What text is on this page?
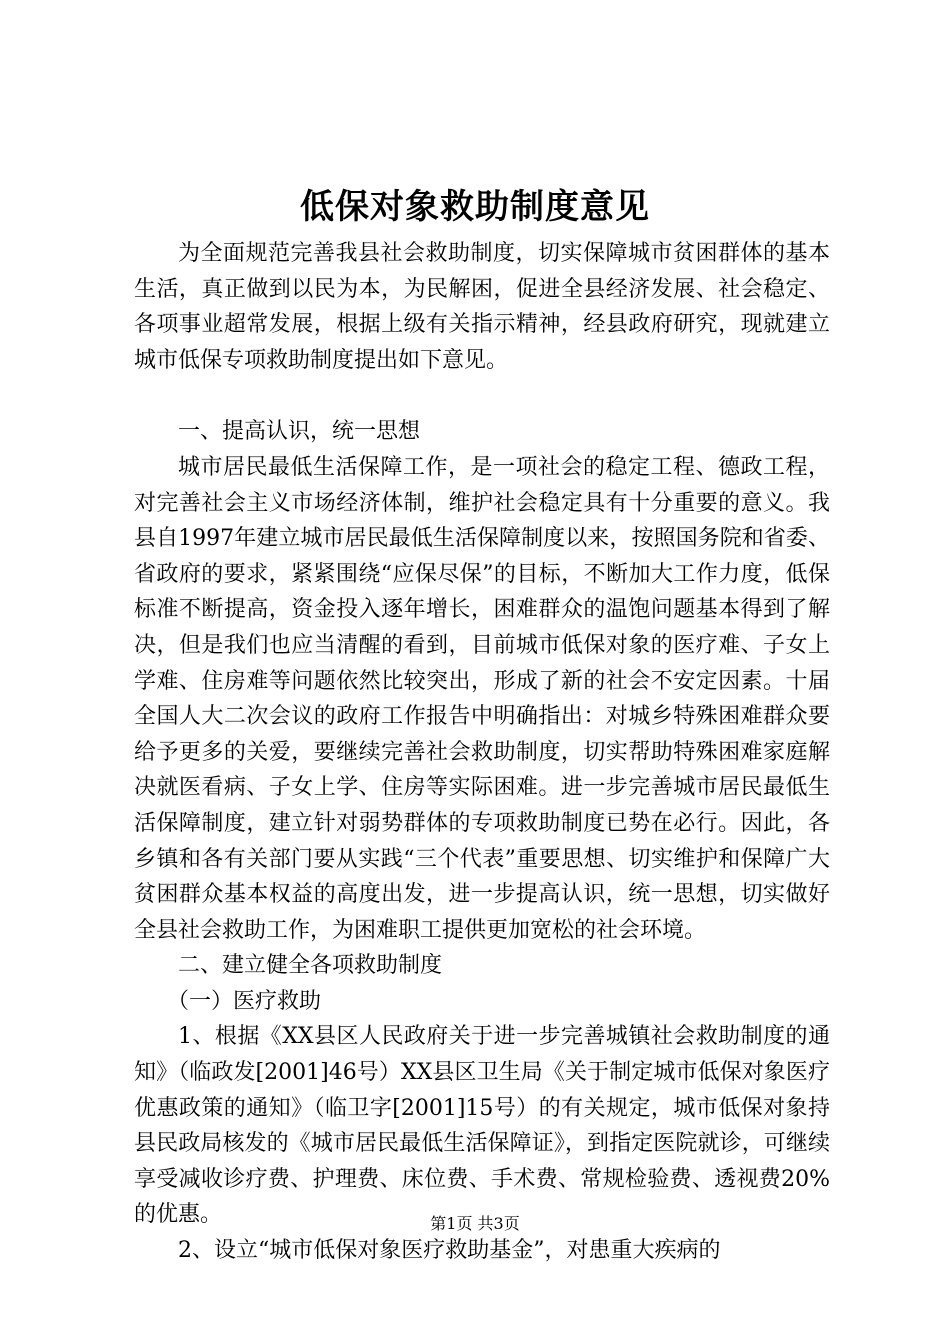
低保对象救助制度意见

为全面规范完善我县社会救助制度，切实保障城市贫困群体的基本生活，真正做到以民为本，为民解困，促进全县经济发展、社会稳定、各项事业超常发展，根据上级有关指示精神，经县政府研究，现就建立城市低保专项救助制度提出如下意见。

一、提高认识，统一思想

城市居民最低生活保障工作，是一项社会的稳定工程、德政工程，对完善社会主义市场经济体制，维护社会稳定具有十分重要的意义。我县自1997年建立城市居民最低生活保障制度以来，按照国务院和省委、省政府的要求，紧紧围绕“应保尽保”的目标，不断加大工作力度，低保标准不断提高，资金投入逐年增长，困难群众的温饱问题基本得到了解决，但是我们也应当清醒的看到，目前城市低保对象的医疗难、子女上学难、住房难等问题依然比较突出，形成了新的社会不安定因素。十届全国人大二次会议的政府工作报告中明确指出：对城乡特殊困难群众要给予更多的关爱，要继续完善社会救助制度，切实帮助特殊困难家庭解决就医看病、子女上学、住房等实际困难。进一步完善城市居民最低生活保障制度，建立针对弱势群体的专项救助制度已势在必行。因此，各乡镇和各有关部门要从实践“三个代表”重要思想、切实维护和保障广大贫困群众基本权益的高度出发，进一步提高认识，统一思想，切实做好全县社会救助工作，为困难职工提供更加宽松的社会环境。

二、建立健全各项救助制度

（一）医疗救助

1、根据《XX县区人民政府关于进一步完善城镇社会救助制度的通知》（临政发[2001]46号）XX县区卫生局《关于制定城市低保对象医疗优惠政策的通知》（临卫字[2001]15号）的有关规定，城市低保对象持县民政局核发的《城市居民最低生活保障证》，到指定医院就诊，可继续享受减收诊疗费、护理费、床位费、手术费、常规检验费、透视费20%的优惠。

2、设立“城市低保对象医疗救助基金”，对患重大疾病的

第1页 共3页
